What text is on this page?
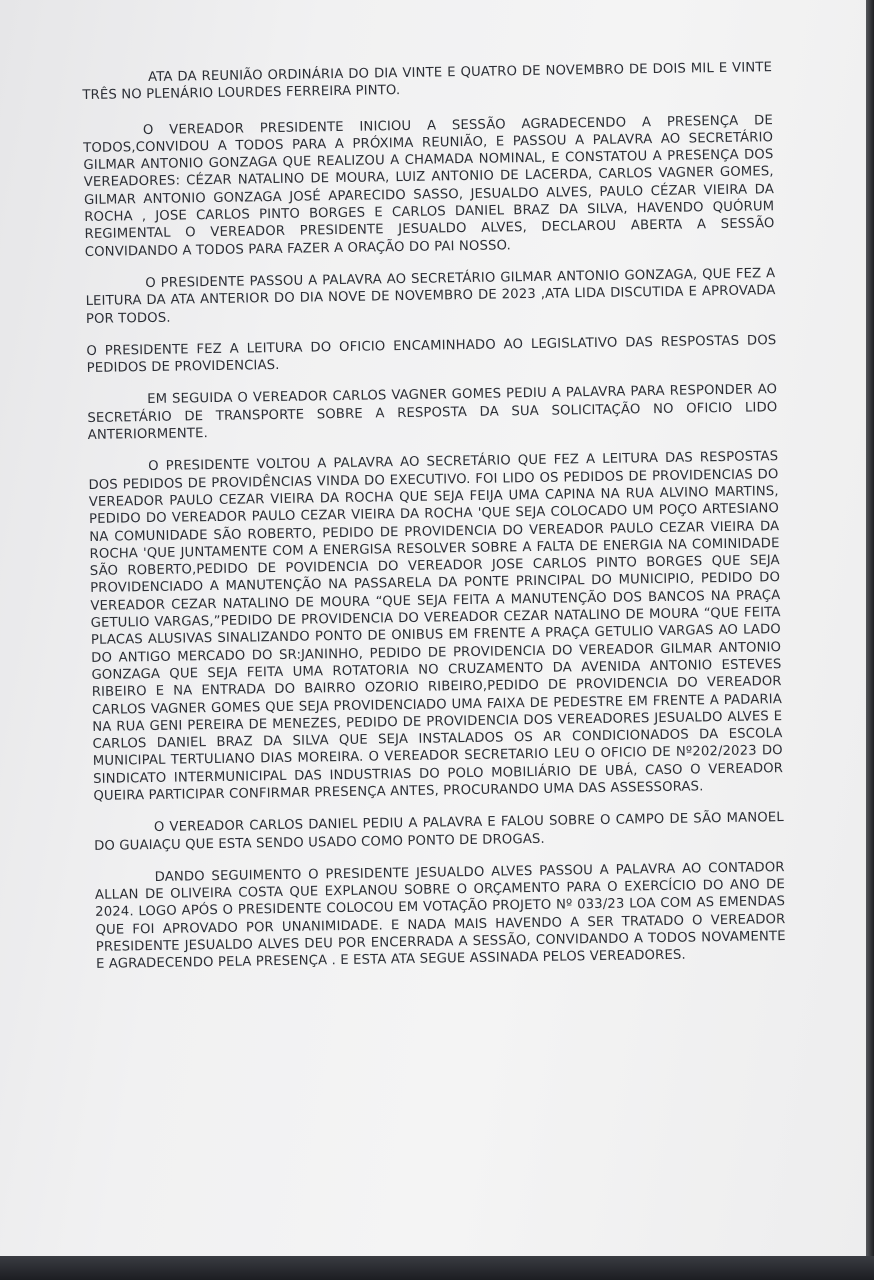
ATA DA REUNIÃO ORDINÁRIA DO DIA VINTE E QUATRO DE NOVEMBRO DE DOIS MIL E VINTE TRÊS NO PLENÁRIO LOURDES FERREIRA PINTO.

O VEREADOR PRESIDENTE INICIOU A SESSÃO AGRADECENDO A PRESENÇA DE TODOS,CONVIDOU A TODOS PARA A PRÓXIMA REUNIÃO, E PASSOU A PALAVRA AO SECRETÁRIO GILMAR ANTONIO GONZAGA QUE REALIZOU A CHAMADA NOMINAL, E CONSTATOU A PRESENÇA DOS VEREADORES: CÉZAR NATALINO DE MOURA, LUIZ ANTONIO DE LACERDA, CARLOS VAGNER GOMES, GILMAR ANTONIO GONZAGA JOSÉ APARECIDO SASSO, JESUALDO ALVES, PAULO CÉZAR VIEIRA DA ROCHA , JOSE CARLOS PINTO BORGES E CARLOS DANIEL BRAZ DA SILVA, HAVENDO QUÓRUM REGIMENTAL O VEREADOR PRESIDENTE JESUALDO ALVES, DECLAROU ABERTA A SESSÃO CONVIDANDO A TODOS PARA FAZER A ORAÇÃO DO PAI NOSSO.

O PRESIDENTE PASSOU A PALAVRA AO SECRETÁRIO GILMAR ANTONIO GONZAGA, QUE FEZ A LEITURA DA ATA ANTERIOR DO DIA NOVE DE NOVEMBRO DE 2023 ,ATA LIDA DISCUTIDA E APROVADA POR TODOS.

O PRESIDENTE FEZ A LEITURA DO OFICIO ENCAMINHADO AO LEGISLATIVO DAS RESPOSTAS DOS PEDIDOS DE PROVIDENCIAS.

EM SEGUIDA O VEREADOR CARLOS VAGNER GOMES PEDIU A PALAVRA PARA RESPONDER AO SECRETÁRIO DE TRANSPORTE SOBRE A RESPOSTA DA SUA SOLICITAÇÃO NO OFICIO LIDO ANTERIORMENTE.

O PRESIDENTE VOLTOU A PALAVRA AO SECRETÁRIO QUE FEZ A LEITURA DAS RESPOSTAS DOS PEDIDOS DE PROVIDÊNCIAS VINDA DO EXECUTIVO. FOI LIDO OS PEDIDOS DE PROVIDENCIAS DO VEREADOR PAULO CEZAR VIEIRA DA ROCHA QUE SEJA FEIJA UMA CAPINA NA RUA ALVINO MARTINS, PEDIDO DO VEREADOR PAULO CEZAR VIEIRA DA ROCHA 'QUE SEJA COLOCADO UM POÇO ARTESIANO NA COMUNIDADE SÃO ROBERTO, PEDIDO DE PROVIDENCIA DO VEREADOR PAULO CEZAR VIEIRA DA ROCHA 'QUE JUNTAMENTE COM A ENERGISA RESOLVER SOBRE A FALTA DE ENERGIA NA COMINIDADE SÃO ROBERTO,PEDIDO DE POVIDENCIA DO VEREADOR JOSE CARLOS PINTO BORGES QUE SEJA PROVIDENCIADO A MANUTENÇÃO NA PASSARELA DA PONTE PRINCIPAL DO MUNICIPIO, PEDIDO DO VEREADOR CEZAR NATALINO DE MOURA “QUE SEJA FEITA A MANUTENÇÃO DOS BANCOS NA PRAÇA GETULIO VARGAS,”PEDIDO DE PROVIDENCIA DO VEREADOR CEZAR NATALINO DE MOURA “QUE FEITA PLACAS ALUSIVAS SINALIZANDO PONTO DE ONIBUS EM FRENTE A PRAÇA GETULIO VARGAS AO LADO DO ANTIGO MERCADO DO SR:JANINHO, PEDIDO DE PROVIDENCIA DO VEREADOR GILMAR ANTONIO GONZAGA QUE SEJA FEITA UMA ROTATORIA NO CRUZAMENTO DA AVENIDA ANTONIO ESTEVES RIBEIRO E NA ENTRADA DO BAIRRO OZORIO RIBEIRO,PEDIDO DE PROVIDENCIA DO VEREADOR CARLOS VAGNER GOMES QUE SEJA PROVIDENCIADO UMA FAIXA DE PEDESTRE EM FRENTE A PADARIA NA RUA GENI PEREIRA DE MENEZES, PEDIDO DE PROVIDENCIA DOS VEREADORES JESUALDO ALVES E CARLOS DANIEL BRAZ DA SILVA QUE SEJA INSTALADOS OS AR CONDICIONADOS DA ESCOLA MUNICIPAL TERTULIANO DIAS MOREIRA. O VEREADOR SECRETARIO LEU O OFICIO DE Nº202/2023 DO SINDICATO INTERMUNICIPAL DAS INDUSTRIAS DO POLO MOBILIÁRIO DE UBÁ, CASO O VEREADOR QUEIRA PARTICIPAR CONFIRMAR PRESENÇA ANTES, PROCURANDO UMA DAS ASSESSORAS.

O VEREADOR CARLOS DANIEL PEDIU A PALAVRA E FALOU SOBRE O CAMPO DE SÃO MANOEL DO GUAIAÇU QUE ESTA SENDO USADO COMO PONTO DE DROGAS.

DANDO SEGUIMENTO O PRESIDENTE JESUALDO ALVES PASSOU A PALAVRA AO CONTADOR ALLAN DE OLIVEIRA COSTA QUE EXPLANOU SOBRE O ORÇAMENTO PARA O EXERCÍCIO DO ANO DE 2024. LOGO APÓS O PRESIDENTE COLOCOU EM VOTAÇÃO PROJETO Nº 033/23 LOA COM AS EMENDAS QUE FOI APROVADO POR UNANIMIDADE. E NADA MAIS HAVENDO A SER TRATADO O VEREADOR PRESIDENTE JESUALDO ALVES DEU POR ENCERRADA A SESSÃO, CONVIDANDO A TODOS NOVAMENTE E AGRADECENDO PELA PRESENÇA . E ESTA ATA SEGUE ASSINADA PELOS VEREADORES.
